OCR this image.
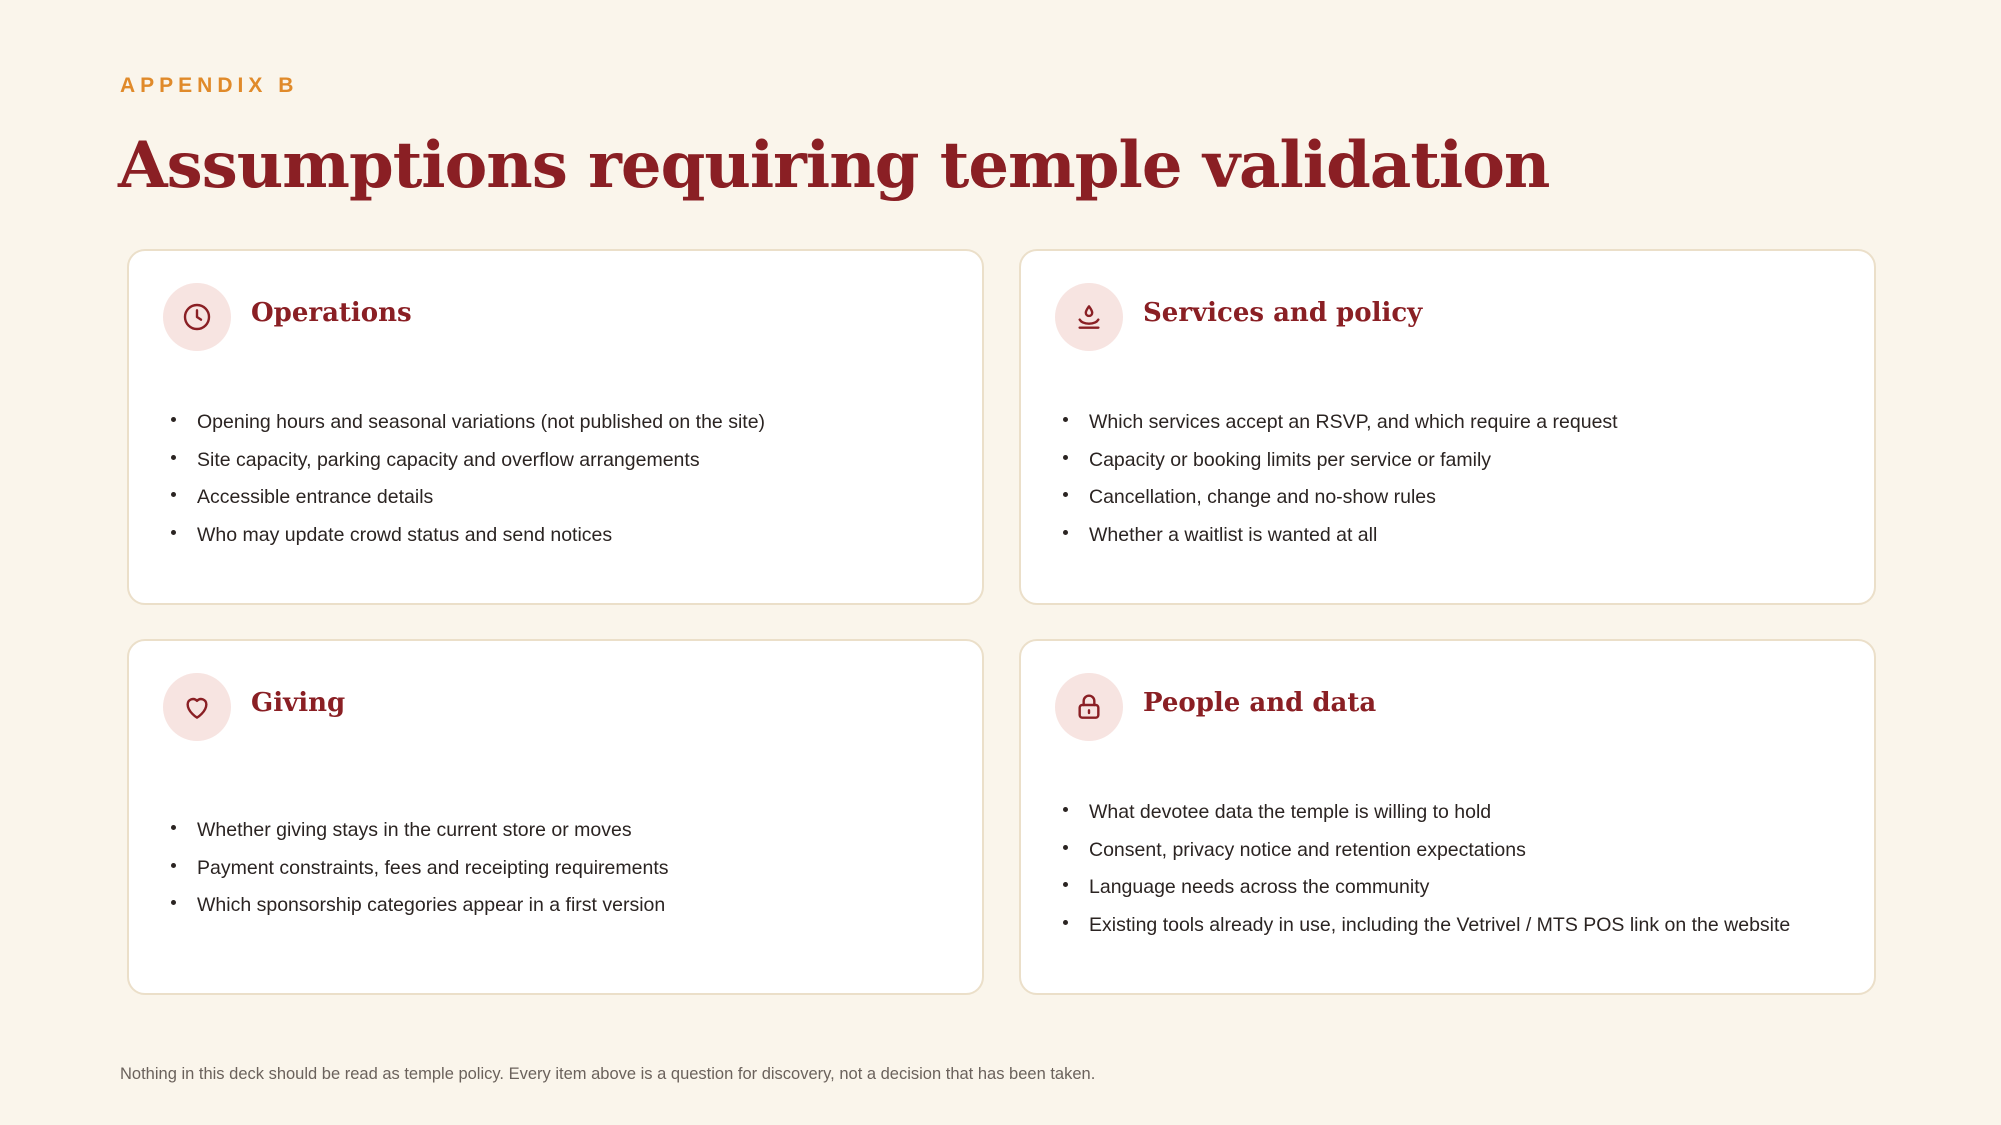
APPENDIX B
Assumptions requiring temple validation
Operations
Opening hours and seasonal variations (not published on the site)
Site capacity, parking capacity and overflow arrangements
Accessible entrance details
Who may update crowd status and send notices
Services and policy
Which services accept an RSVP, and which require a request
Capacity or booking limits per service or family
Cancellation, change and no-show rules
Whether a waitlist is wanted at all
Giving
Whether giving stays in the current store or moves
Payment constraints, fees and receipting requirements
Which sponsorship categories appear in a first version
People and data
What devotee data the temple is willing to hold
Consent, privacy notice and retention expectations
Language needs across the community
Existing tools already in use, including the Vetrivel / MTS POS link on the website
Nothing in this deck should be read as temple policy. Every item above is a question for discovery, not a decision that has been taken.
